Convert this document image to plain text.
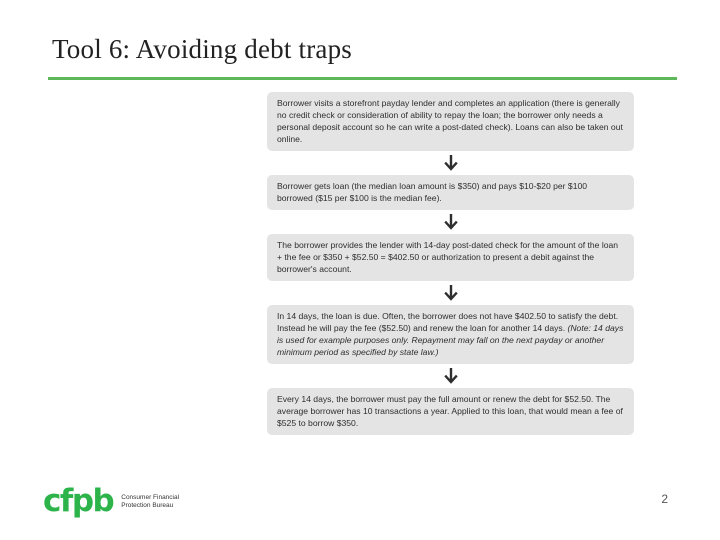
Tool 6: Avoiding debt traps
Borrower visits a storefront payday lender and completes an application (there is generally no credit check or consideration of ability to repay the loan; the borrower only needs a personal deposit account so he can write a post-dated check). Loans can also be taken out online.
Borrower gets loan (the median loan amount is $350) and pays $10-$20 per $100 borrowed ($15 per $100 is the median fee).
The borrower provides the lender with 14-day post-dated check for the amount of the loan + the fee or $350 + $52.50 = $402.50 or authorization to present a debit against the borrower's account.
In 14 days, the loan is due. Often, the borrower does not have $402.50 to satisfy the debt. Instead he will pay the fee ($52.50) and renew the loan for another 14 days. (Note: 14 days is used for example purposes only. Repayment may fall on the next payday or another minimum period as specified by state law.)
Every 14 days, the borrower must pay the full amount or renew the debt for $52.50. The average borrower has 10 transactions a year. Applied to this loan, that would mean a fee of $525 to borrow $350.
cfpb Consumer Financial
Protection Bureau	2
